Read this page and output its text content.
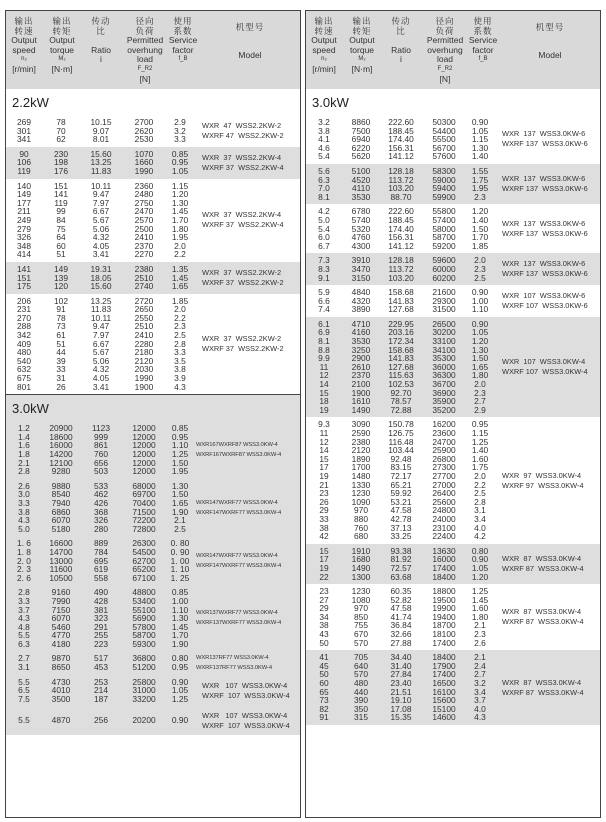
输出
转速
Output
speed
n₂
[r/min]
输出
转矩
Output
torque
M₂
[N·m]
传动
比

Ratio
i
径向
负荷
Permitted
overhung
load
F_R2
[N]
使用
系数
Service
factor
f_B
机型号
Model
2.2kW
269	78	10.15	2700	2.9
301	70	9.07	2620	3.2
341	62	8.01	2530	3.3
WXR  47  WSS2.2KW-2
WXRF 47  WSS2.2KW-2
90	230	15.60	1070	0.85
106	198	13.25	1660	0.95
119	176	11.83	1990	1.05
WXR  37  WSS2.2KW-4
WXRF 37  WSS2.2KW-4
140	151	10.11	2360	1.15
149	141	9.47	2480	1.20
177	119	7.97	2750	1.30
211	99	6.67	2470	1.45
249	84	5.67	2570	1.70
279	75	5.06	2500	1.80
326	64	4.32	2410	1.95
348	60	4.05	2370	2.0
414	51	3.41	2270	2.2
WXR  37  WSS2.2KW-4
WXRF 37  WSS2.2KW-4
141	149	19.31	2380	1.35
151	139	18.05	2510	1.45
175	120	15.60	2740	1.65
WXR  37  WSS2.2KW-2
WXRF 37  WSS2.2KW-2
206	102	13.25	2720	1.85
231	91	11.83	2650	2.0
270	78	10.11	2550	2.2
288	73	9.47	2510	2.3
342	61	7.97	2410	2.5
409	51	6.67	2280	2.8
480	44	5.67	2180	3.3
540	39	5.06	2120	3.5
632	33	4.32	2030	3.8
675	31	4.05	1990	3.9
801	26	3.41	1900	4.3
WXR  37  WSS2.2KW-2
WXRF 37  WSS2.2KW-2
3.0kW
1.2	20900	1123	12000	0.85
1.4	18600	999	12000	0.95
1.6	16000	861	12000	1.10
1.8	14200	760	12000	1.25
2.1	12100	656	12000	1.50
2.8	9280	503	12000	1.95
WXR167WXRF87 WSS3.0KW-4
WXRF167WXRF87 WSS3.0KW-4
2.6	9880	533	68000	1.30
3.0	8540	462	69700	1.50
3.3	7940	426	70400	1.65
3.8	6860	368	71500	1.90
4.3	6070	326	72200	2.1
5.0	5180	280	72800	2.5
WXR147WXRF77 WSS3.0KW-4
WXRF147WXRF77 WSS3.0KW-4
1. 6	16600	889	26300	0. 80
1. 8	14700	784	54500	0. 90
2. 0	13000	695	62700	1. 00
2. 3	11600	619	65200	1. 10
2. 6	10500	558	67100	1. 25
WXR147WXRF77 WSS3.0KW-4
WXRF147WXRF77 WSS3.0KW-4
2.8	9160	490	48800	0.85
3.3	7990	428	53400	1.00
3.7	7150	381	55100	1.10
4.3	6070	323	56900	1.30
4.8	5460	291	57800	1.45
5.5	4770	255	58700	1.70
6.3	4180	223	59300	1.90
WXR137WXRF77 WSS3.0KW-4
WXRF137WXRF77 WSS3.0KW-4
2.7	9870	517	36800	0.80
3.1	8650	453	51200	0.95
WXR137RF77 WSS3.0KW-4
WXRF137RF77 WSS3.0KW-4
5.5	4730	253	25800	0.90
6.5	4010	214	31000	1.05
7.5	3500	187	33200	1.25
WXR   107  WSS3.0KW-4
WXRF  107  WSS3.0KW-4
5.5	4870	256	20200	0.90
WXR   107  WSS3.0KW-4
WXRF  107  WSS3.0KW-4
输出
转速
Output
speed
n₂
[r/min]
输出
转矩
Output
torque
M₂
[N·m]
传动
比

Ratio
i
径向
负荷
Permitted
overhung
load
F_R2
[N]
使用
系数
Service
factor
f_B
机型号
Model
3.0kW
3.2	8860	222.60	50300	0.90
3.8	7500	188.45	54400	1.05
4.1	6940	174.40	55500	1.15
4.6	6220	156.31	56700	1.30
5.4	5620	141.12	57600	1.40
WXR  137  WSS3.0KW-6
WXRF 137  WSS3.0KW-6
5.6	5100	128.18	58300	1.55
6.3	4520	113.72	59000	1.75
7.0	4110	103.20	59400	1.95
8.1	3530	88.70	59900	2.3
WXR  137  WSS3.0KW-6
WXRF 137  WSS3.0KW-6
4.2	6780	222.60	55800	1.20
5.0	5740	188.45	57400	1.40
5.4	5320	174.40	58000	1.50
6.0	4760	156.31	58700	1.70
6.7	4300	141.12	59200	1.85
WXR  137  WSS3.0KW-6
WXRF 137  WSS3.0KW-6
7.3	3910	128.18	59600	2.0
8.3	3470	113.72	60000	2.3
9.1	3150	103.20	60200	2.5
WXR  137  WSS3.0KW-6
WXRF 137  WSS3.0KW-6
5.9	4840	158.68	21600	0.90
6.6	4320	141.83	29300	1.00
7.4	3890	127.68	31500	1.10
WXR  107  WSS3.0KW-6
WXRF 107  WSS3.0KW-6
6.1	4710	229.95	26500	0.90
6.9	4160	203.16	30200	1.05
8.1	3530	172.34	33100	1.20
8.8	3250	158.68	34100	1.30
9.9	2900	141.83	35300	1.50
11	2610	127.68	36000	1.65
12	2370	115.63	36300	1.80
14	2100	102.53	36700	2.0
15	1900	92.70	36900	2.3
18	1610	78.57	35900	2.7
19	1490	72.88	35200	2.9
WXR  107  WSS3.0KW-4
WXRF 107  WSS3.0KW-4
9.3	3090	150.78	16200	0.95
11	2590	126.75	23600	1.15
12	2380	116.48	24700	1.25
14	2120	103.44	25900	1.40
15	1890	92.48	26800	1.60
17	1700	83.15	27300	1.75
19	1480	72.17	27700	2.0
21	1330	65.21	27000	2.2
23	1230	59.92	26400	2.5
26	1090	53.21	25600	2.8
29	970	47.58	24800	3.1
33	880	42.78	24000	3.4
38	760	37.13	23100	4.0
42	680	33.25	22400	4.2
WXR  97  WSS3.0KW-4
WXRF 97  WSS3.0KW-4
15	1910	93.38	13630	0.80
17	1680	81.92	16000	0.90
19	1490	72.57	17400	1.05
22	1300	63.68	18400	1.20
WXR  87  WSS3.0KW-4
WXRF 87  WSS3.0KW-4
23	1230	60.35	18800	1.25
27	1080	52.82	19500	1.45
29	970	47.58	19900	1.60
34	850	41.74	19400	1.80
38	755	36.84	18700	2.1
43	670	32.66	18100	2.3
50	570	27.88	17400	2.6
WXR  87  WSS3.0KW-4
WXRF 87  WSS3.0KW-4
41	705	34.40	18400	2.1
45	640	31.40	17900	2.4
50	570	27.84	17400	2.7
60	480	23.40	16500	3.2
65	440	21.51	16100	3.4
73	390	19.10	15600	3.7
82	350	17.08	15100	4.0
91	315	15.35	14600	4.3
WXR  87  WSS3.0KW-4
WXRF 87  WSS3.0KW-4
